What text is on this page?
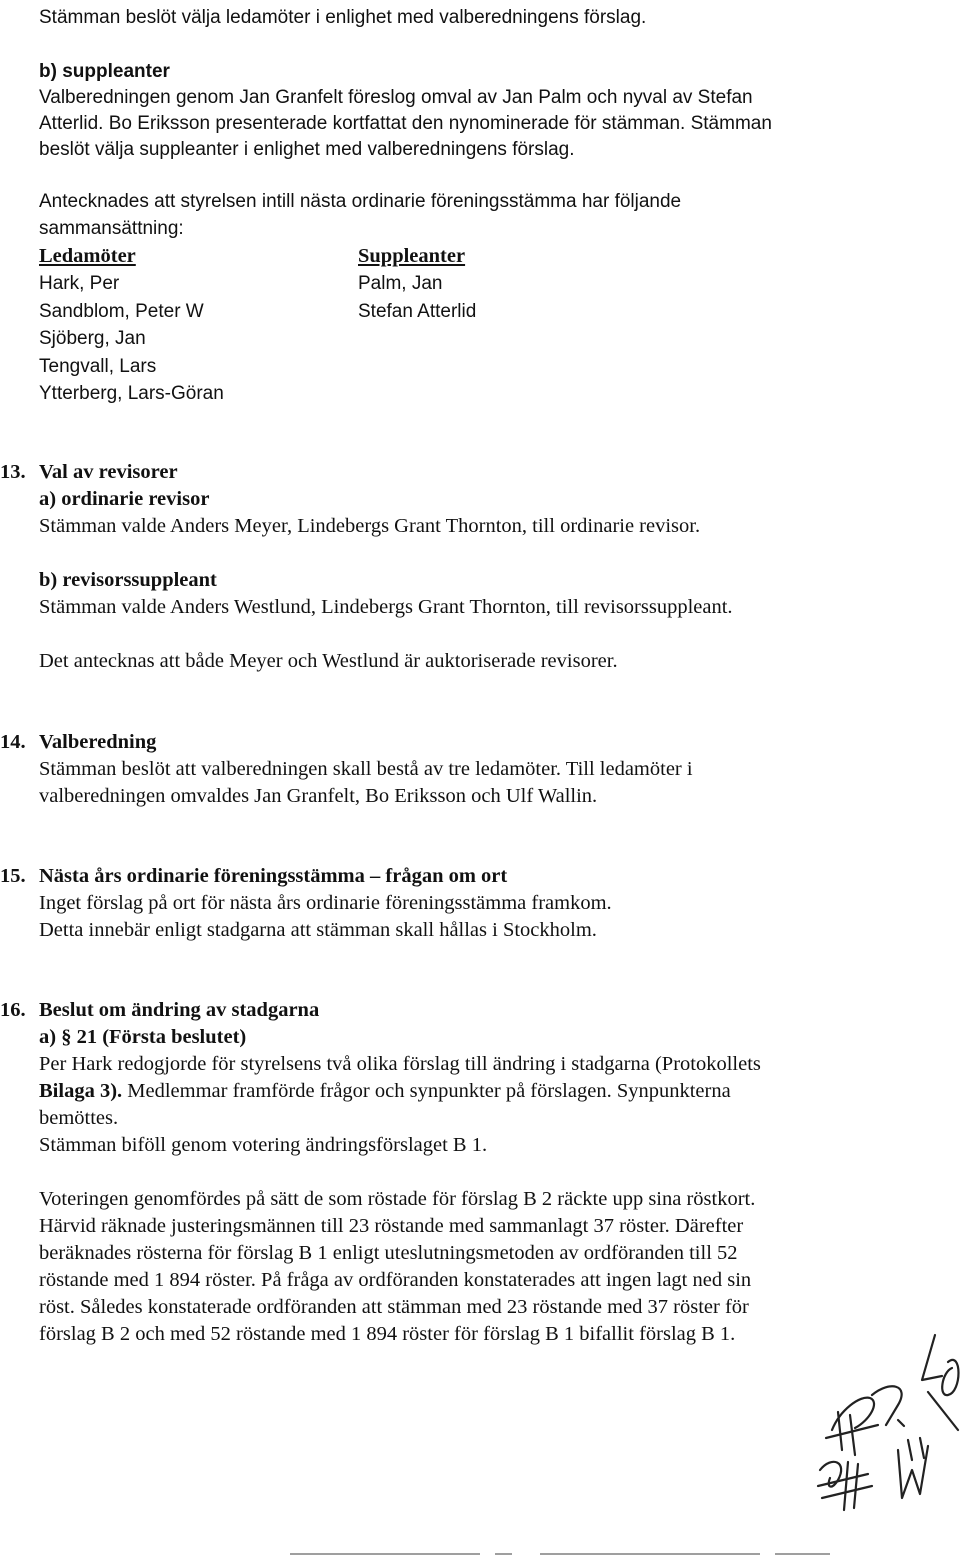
Stämman beslöt välja ledamöter i enlighet med valberedningens förslag.
b) suppleanter
Valberedningen genom Jan Granfelt föreslog omval av Jan Palm och nyval av Stefan
Atterlid. Bo Eriksson presenterade kortfattat den nynominerade för stämman. Stämman
beslöt välja suppleanter i enlighet med valberedningens förslag.
Antecknades att styrelsen intill nästa ordinarie föreningsstämma har följande
sammansättning:
Ledamöter	Suppleanter
Hark, Per
Sandblom, Peter W
Sjöberg, Jan
Tengvall, Lars
Ytterberg, Lars-Göran
Palm, Jan
Stefan Atterlid
13. Val av revisorer
a) ordinarie revisor
Stämman valde Anders Meyer, Lindebergs Grant Thornton, till ordinarie revisor.
b) revisorssuppleant
Stämman valde Anders Westlund, Lindebergs Grant Thornton, till revisorssuppleant.
Det antecknas att både Meyer och Westlund är auktoriserade revisorer.
14. Valberedning
Stämman beslöt att valberedningen skall bestå av tre ledamöter. Till ledamöter i
valberedningen omvaldes Jan Granfelt, Bo Eriksson och Ulf Wallin.
15. Nästa års ordinarie föreningsstämma – frågan om ort
Inget förslag på ort för nästa års ordinarie föreningsstämma framkom.
Detta innebär enligt stadgarna att stämman skall hållas i Stockholm.
16. Beslut om ändring av stadgarna
a) § 21 (Första beslutet)
Per Hark redogjorde för styrelsens två olika förslag till ändring i stadgarna (Protokollets
Bilaga 3). Medlemmar framförde frågor och synpunkter på förslagen. Synpunkterna
bemöttes.
Stämman biföll genom votering ändringsförslaget B 1.
Voteringen genomfördes på sätt de som röstade för förslag B 2 räckte upp sina röstkort.
Härvid räknade justeringsmännen till 23 röstande med sammanlagt 37 röster. Därefter
beräknades rösterna för förslag B 1 enligt uteslutningsmetoden av ordföranden till 52
röstande med 1 894 röster. På fråga av ordföranden konstaterades att ingen lagt ned sin
röst. Således konstaterade ordföranden att stämman med 23 röstande med 37 röster för
förslag B 2 och med 52 röstande med 1 894 röster för förslag B 1 bifallit förslag B 1.
